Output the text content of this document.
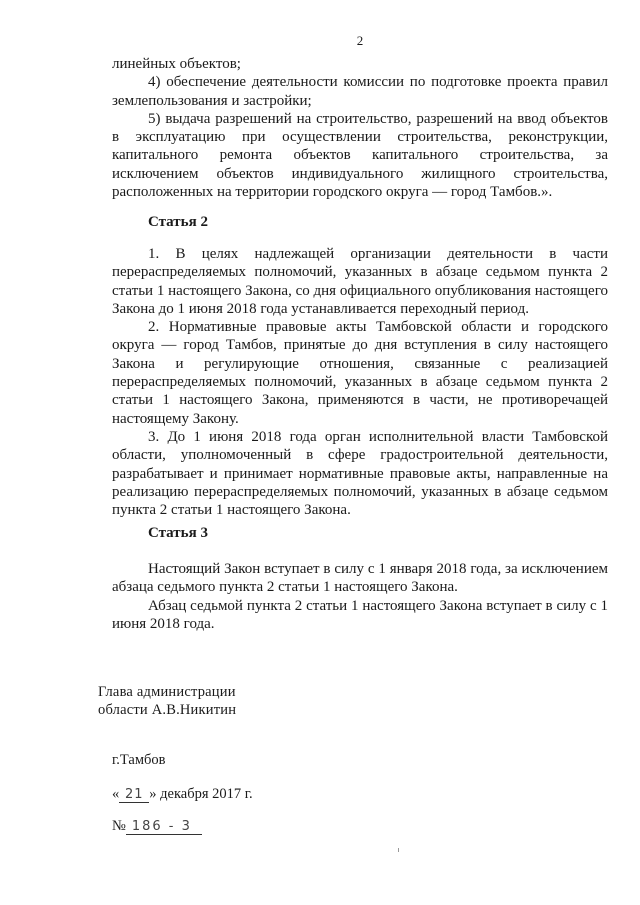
2

линейных объектов;

4) обеспечение деятельности комиссии по подготовке проекта правил землепользования и застройки;

5) выдача разрешений на строительство, разрешений на ввод объектов в эксплуатацию при осуществлении строительства, реконструкции, капитального ремонта объектов капитального строительства, за исключением объектов индивидуального жилищного строительства, расположенных на территории городского округа — город Тамбов.».

Статья 2

1. В целях надлежащей организации деятельности в части перераспределяемых полномочий, указанных в абзаце седьмом пункта 2 статьи 1 настоящего Закона, со дня официального опубликования настоящего Закона до 1 июня 2018 года устанавливается переходный период.

2. Нормативные правовые акты Тамбовской области и городского округа — город Тамбов, принятые до дня вступления в силу настоящего Закона и регулирующие отношения, связанные с реализацией перераспределяемых полномочий, указанных в абзаце седьмом пункта 2 статьи 1 настоящего Закона, применяются в части, не противоречащей настоящему Закону.

3. До 1 июня 2018 года орган исполнительной власти Тамбовской области, уполномоченный в сфере градостроительной деятельности, разрабатывает и принимает нормативные правовые акты, направленные на реализацию перераспределяемых полномочий, указанных в абзаце седьмом пункта 2 статьи 1 настоящего Закона.

Статья 3

Настоящий Закон вступает в силу с 1 января 2018 года, за исключением абзаца седьмого пункта 2 статьи 1 настоящего Закона.

Абзац седьмой пункта 2 статьи 1 настоящего Закона вступает в силу с 1 июня 2018 года.

Глава администрации
области А.В.Никитин
г.Тамбов
« 21 » декабря 2017 г.
№ 186 - 3
